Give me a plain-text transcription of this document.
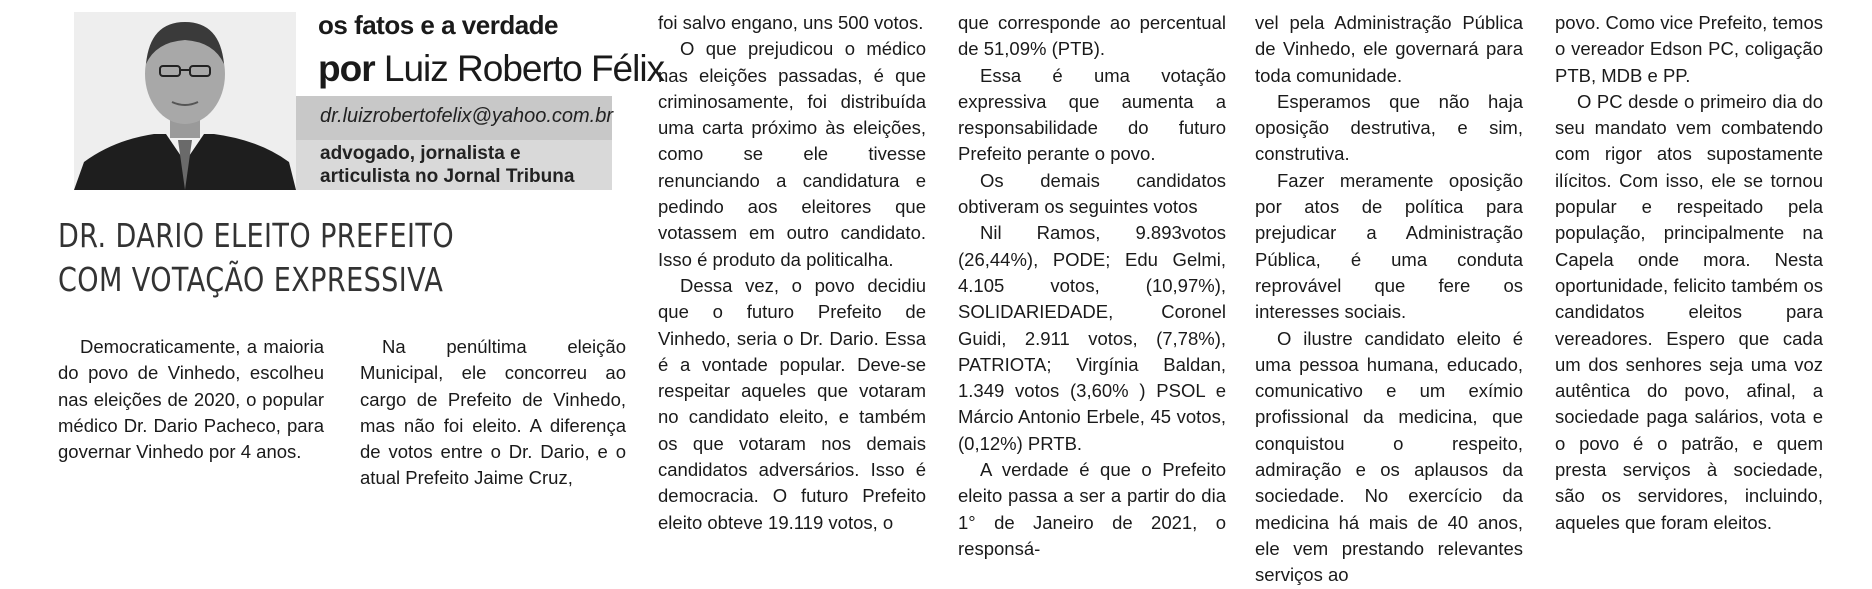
os fatos e a verdade
por Luiz Roberto Félix
dr.luizrobertofelix@yahoo.com.br
advogado, jornalista e
articulista no Jornal Tribuna
DR. DARIO ELEITO PREFEITO
COM VOTAÇÃO EXPRESSIVA

Democraticamente, a maioria do povo de Vinhedo, escolheu nas eleições de 2020, o popular médico Dr. Dario Pacheco, para governar Vinhedo por 4 anos.

Na penúltima eleição Municipal, ele concorreu ao cargo de Prefeito de Vinhedo, mas não foi eleito. A diferença de votos entre o Dr. Dario, e o atual Prefeito Jaime Cruz,

foi salvo engano, uns 500 votos.

O que prejudicou o médico nas eleições passadas, é que criminosamente, foi distribuída uma carta próximo às eleições, como se ele tivesse renunciando a candidatura e pedindo aos eleitores que votassem em outro candidato. Isso é produto da politicalha.

Dessa vez, o povo decidiu que o futuro Prefeito de Vinhedo, seria o Dr. Dario. Essa é a vontade popular. Deve-se respeitar aqueles que votaram no candidato eleito, e também os que votaram nos demais candidatos adversários. Isso é democracia. O futuro Prefeito eleito obteve 19.119 votos, o

que corresponde ao percentual de 51,09% (PTB).

Essa é uma votação expressiva que aumenta a responsabilidade do futuro Prefeito perante o povo.

Os demais candidatos obtiveram os seguintes votos

Nil Ramos, 9.893votos (26,44%), PODE; Edu Gelmi, 4.105 votos, (10,97%), SOLIDARIEDADE, Coronel Guidi, 2.911 votos, (7,78%), PATRIOTA; Virgínia Baldan, 1.349 votos (3,60% ) PSOL e Márcio Antonio Erbele, 45 votos, (0,12%) PRTB.

A verdade é que o Prefeito eleito passa a ser a partir do dia 1° de Janeiro de 2021, o responsá-

vel pela Administração Pública de Vinhedo, ele governará para toda comunidade.

Esperamos que não haja oposição destrutiva, e sim, construtiva.

Fazer meramente oposição por atos de política para prejudicar a Administração Pública, é uma conduta reprovável que fere os interesses sociais.

O ilustre candidato eleito é uma pessoa humana, educado, comunicativo e um exímio profissional da medicina, que conquistou o respeito, admiração e os aplausos da sociedade. No exercício da medicina há mais de 40 anos, ele vem prestando relevantes serviços ao

povo. Como vice Prefeito, temos o vereador Edson PC, coligação PTB, MDB e PP.

O PC desde o primeiro dia do seu mandato vem combatendo com rigor atos supostamente ilícitos. Com isso, ele se tornou popular e respeitado pela população, principalmente na Capela onde mora. Nesta oportunidade, felicito também os candidatos eleitos para vereadores. Espero que cada um dos senhores seja uma voz autêntica do povo, afinal, a sociedade paga salários, vota e o povo é o patrão, e quem presta serviços à sociedade, são os servidores, incluindo, aqueles que foram eleitos.
